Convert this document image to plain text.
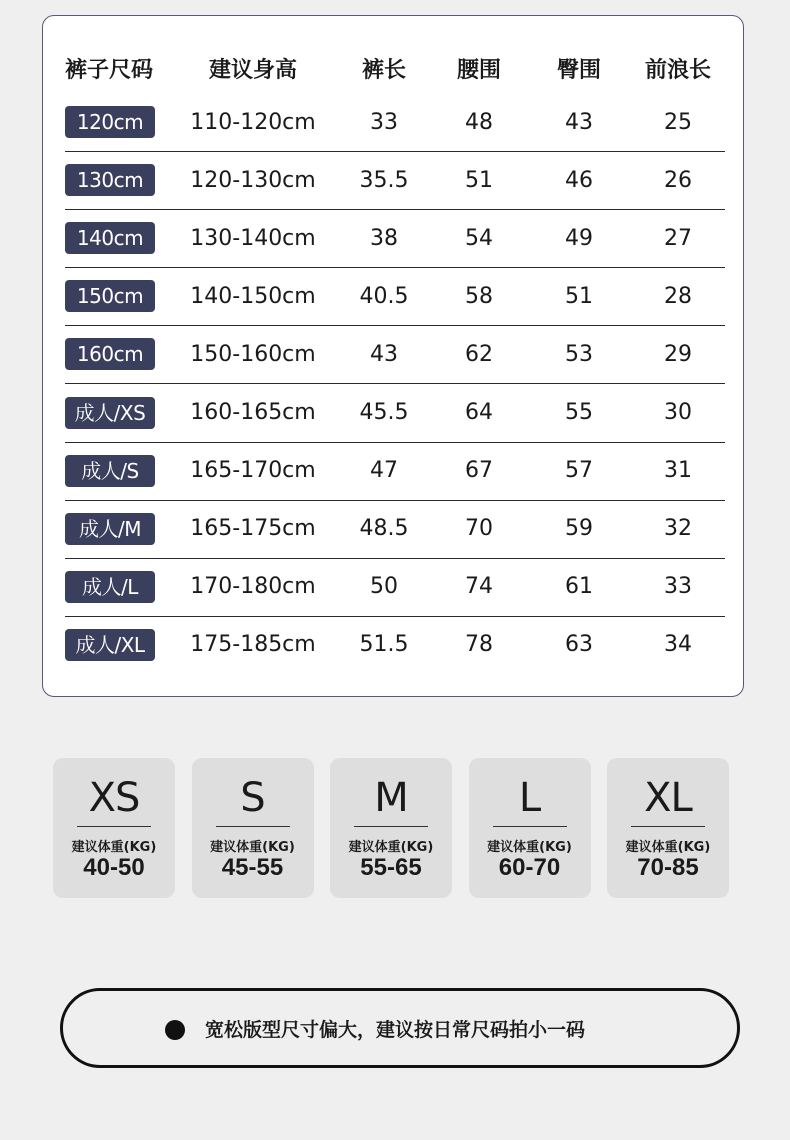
裤子尺码	建议身高	裤长	腰围	臀围	前浪长
120cm	110-120cm	33	48	43	25
130cm	120-130cm	35.5	51	46	26
140cm	130-140cm	38	54	49	27
150cm	140-150cm	40.5	58	51	28
160cm	150-160cm	43	62	53	29
成人/XS	160-165cm	45.5	64	55	30
成人/S	165-170cm	47	67	57	31
成人/M	165-175cm	48.5	70	59	32
成人/L	170-180cm	50	74	61	33
成人/XL	175-185cm	51.5	78	63	34
XS
建议体重(KG)
40-50
S
建议体重(KG)
45-55
M
建议体重(KG)
55-65
L
建议体重(KG)
60-70
XL
建议体重(KG)
70-85
宽松版型尺寸偏大，建议按日常尺码拍小一码
